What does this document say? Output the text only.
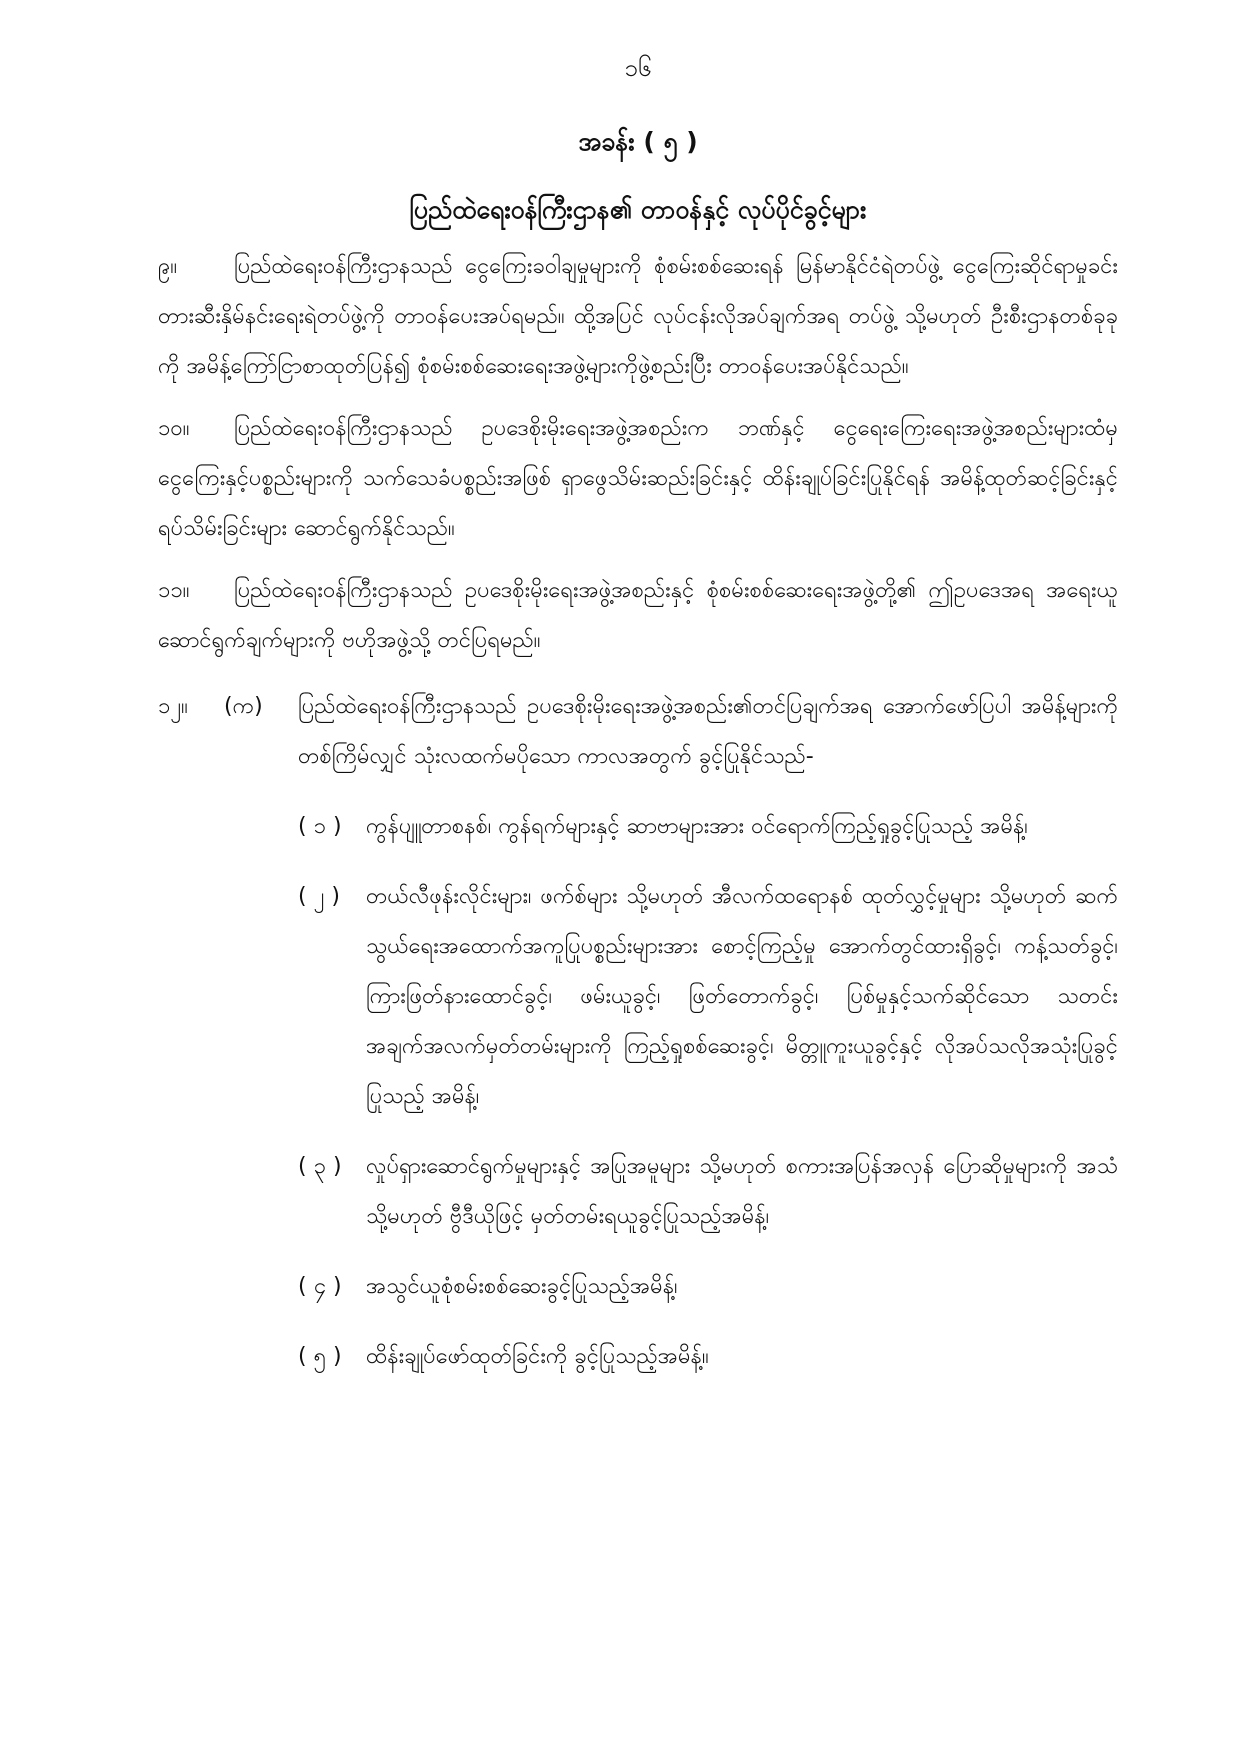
၁၆
အခန်း ( ၅ )
ပြည်ထဲရေးဝန်ကြီးဌာန၏ တာဝန်နှင့် လုပ်ပိုင်ခွင့်များ
၉။	ပြည်ထဲရေးဝန်ကြီးဌာနသည် ငွေကြေးခဝါချမှုများကို စုံစမ်းစစ်ဆေးရန် မြန်မာနိုင်ငံရဲတပ်ဖွဲ့ ငွေကြေးဆိုင်ရာမှုခင်းတားဆီးနှိမ်နင်းရေးရဲတပ်ဖွဲ့ကို တာဝန်ပေးအပ်ရမည်။ ထို့အပြင် လုပ်ငန်းလိုအပ်ချက်အရ တပ်ဖွဲ့ သို့မဟုတ် ဦးစီးဌာနတစ်ခုခုကို အမိန့်ကြော်ငြာစာထုတ်ပြန်၍ စုံစမ်းစစ်ဆေးရေးအဖွဲ့များကိုဖွဲ့စည်းပြီး တာဝန်ပေးအပ်နိုင်သည်။
၁၀။ ပြည်ထဲရေးဝန်ကြီးဌာနသည် ဥပဒေစိုးမိုးရေးအဖွဲ့အစည်းက ဘဏ်နှင့် ငွေရေးကြေးရေးအဖွဲ့အစည်းများထံမှ ငွေကြေးနှင့်ပစ္စည်းများကို သက်သေခံပစ္စည်းအဖြစ် ရှာဖွေသိမ်းဆည်းခြင်းနှင့် ထိန်းချုပ်ခြင်းပြုနိုင်ရန် အမိန့်ထုတ်ဆင့်ခြင်းနှင့် ရပ်သိမ်းခြင်းများ ဆောင်ရွက်နိုင်သည်။
၁၁။ ပြည်ထဲရေးဝန်ကြီးဌာနသည် ဥပဒေစိုးမိုးရေးအဖွဲ့အစည်းနှင့် စုံစမ်းစစ်ဆေးရေးအဖွဲ့တို့၏ ဤဥပဒေအရ အရေးယူဆောင်ရွက်ချက်များကို ဗဟိုအဖွဲ့သို့ တင်ပြရမည်။
၁၂။ (က) ပြည်ထဲရေးဝန်ကြီးဌာနသည် ဥပဒေစိုးမိုးရေးအဖွဲ့အစည်း၏တင်ပြချက်အရ အောက်ဖော်ပြပါ အမိန့်များကို တစ်ကြိမ်လျှင် သုံးလထက်မပိုသော ကာလအတွက် ခွင့်ပြုနိုင်သည်-
( ၁ ) ကွန်ပျူတာစနစ်၊ ကွန်ရက်များနှင့် ဆာဗာများအား ဝင်ရောက်ကြည့်ရှုခွင့်ပြုသည့် အမိန့်၊
( ၂ ) တယ်လီဖုန်းလိုင်းများ၊ ဖက်စ်များ သို့မဟုတ် အီလက်ထရောနစ် ထုတ်လွှင့်မှုများ သို့မဟုတ် ဆက်သွယ်ရေးအထောက်အကူပြုပစ္စည်းများအား စောင့်ကြည့်မှု အောက်တွင်ထားရှိခွင့်၊ ကန့်သတ်ခွင့်၊ ကြားဖြတ်နားထောင်ခွင့်၊ ဖမ်းယူခွင့်၊ ဖြတ်တောက်ခွင့်၊ ပြစ်မှုနှင့်သက်ဆိုင်သော သတင်းအချက်အလက်မှတ်တမ်းများကို ကြည့်ရှုစစ်ဆေးခွင့်၊ မိတ္တူကူးယူခွင့်နှင့် လိုအပ်သလိုအသုံးပြုခွင့်ပြုသည့် အမိန့်၊
( ၃ ) လှုပ်ရှားဆောင်ရွက်မှုများနှင့် အပြုအမူများ သို့မဟုတ် စကားအပြန်အလှန် ပြောဆိုမှုများကို အသံ သို့မဟုတ် ဗွီဒီယိုဖြင့် မှတ်တမ်းရယူခွင့်ပြုသည့်အမိန့်၊
( ၄ ) အသွင်ယူစုံစမ်းစစ်ဆေးခွင့်ပြုသည့်အမိန့်၊
( ၅ ) ထိန်းချုပ်ဖော်ထုတ်ခြင်းကို ခွင့်ပြုသည့်အမိန့်။
